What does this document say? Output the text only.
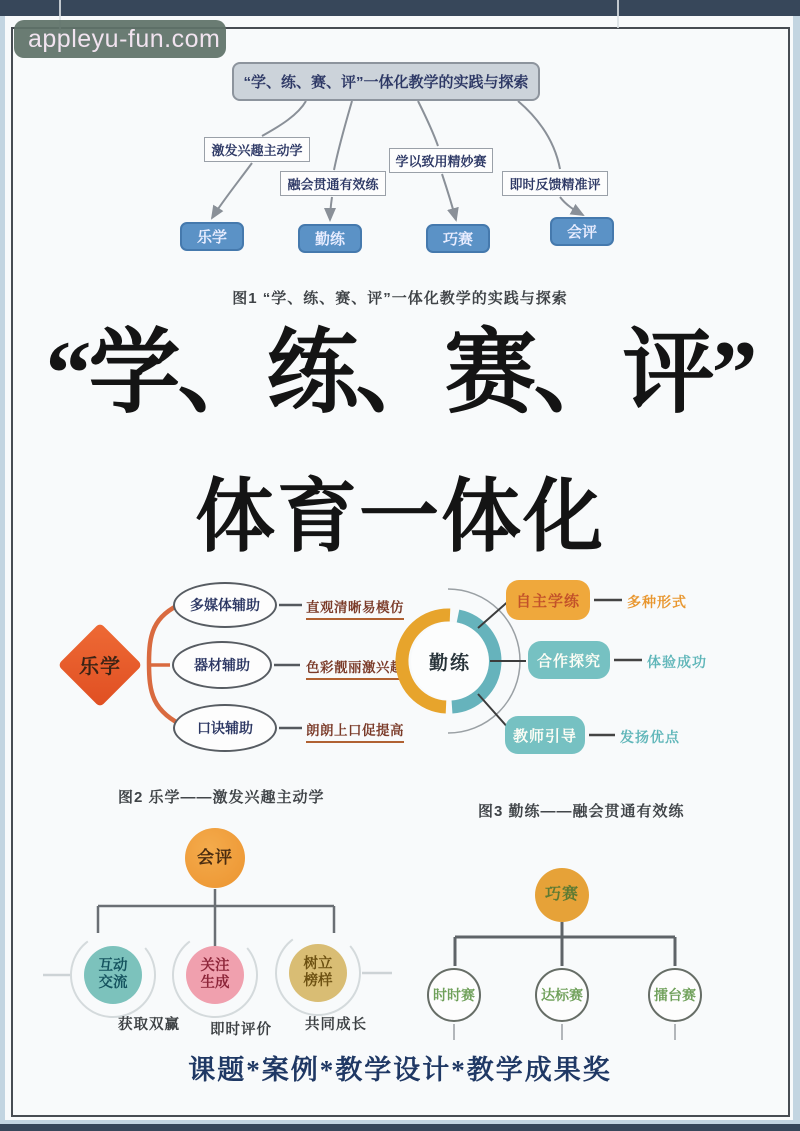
appleyu-fun.com
“学、练、赛、评”一体化教学的实践与探索
激发兴趣主动学
融会贯通有效练
学以致用精妙赛
即时反馈精准评
乐学	勤练	巧赛	会评
图1 “学、练、赛、评”一体化教学的实践与探索
“学、练、赛、评”
体育一体化
乐学
多媒体辅助
器材辅助
口诀辅助
直观清晰易模仿
色彩靓丽激兴趣
朗朗上口促提高
图2 乐学——激发兴趣主动学
勤练
自主学练
合作探究
教师引导
多种形式
体验成功
发扬优点
图3 勤练——融会贯通有效练
会评
互动
交流
关注
生成
树立
榜样
获取双赢 即时评价 共同成长
巧赛
时时赛	达标赛	擂台赛
课题*案例*教学设计*教学成果奖
